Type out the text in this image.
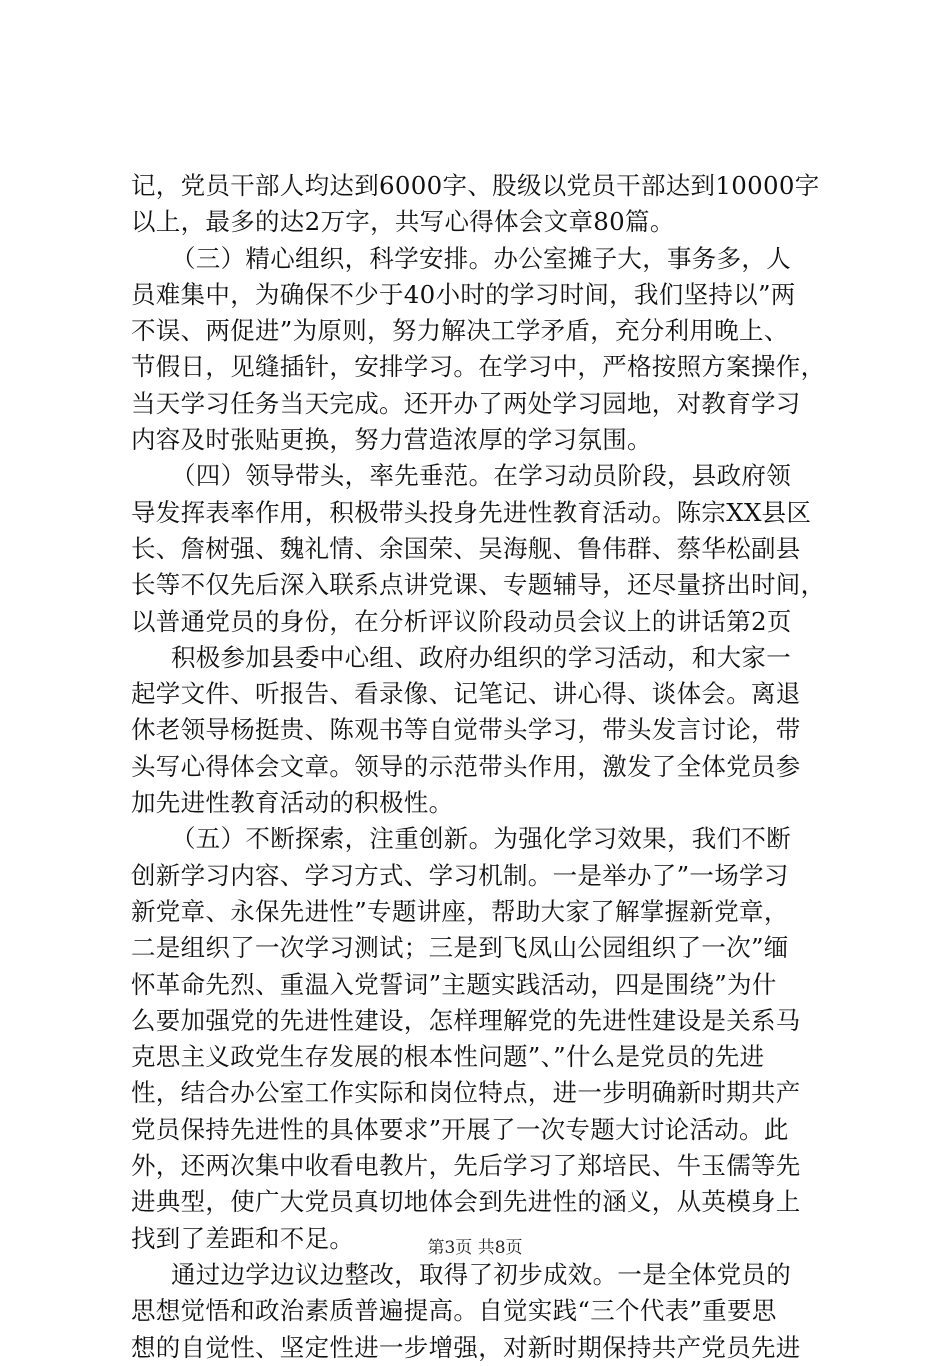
记，党员干部人均达到6000字、股级以党员干部达到10000字
以上，最多的达2万字，共写心得体会文章80篇。
（三）精心组织，科学安排。办公室摊子大，事务多，人
员难集中，为确保不少于40小时的学习时间，我们坚持以”两
不误、两促进”为原则，努力解决工学矛盾，充分利用晚上、
节假日，见缝插针，安排学习。在学习中，严格按照方案操作，
当天学习任务当天完成。还开办了两处学习园地，对教育学习
内容及时张贴更换，努力营造浓厚的学习氛围。
（四）领导带头，率先垂范。在学习动员阶段，县政府领
导发挥表率作用，积极带头投身先进性教育活动。陈宗XX县区
长、詹树强、魏礼情、余国荣、吴海舰、鲁伟群、蔡华松副县
长等不仅先后深入联系点讲党课、专题辅导，还尽量挤出时间，
以普通党员的身份，在分析评议阶段动员会议上的讲话第2页
积极参加县委中心组、政府办组织的学习活动，和大家一
起学文件、听报告、看录像、记笔记、讲心得、谈体会。离退
休老领导杨挺贵、陈观书等自觉带头学习，带头发言讨论，带
头写心得体会文章。领导的示范带头作用，激发了全体党员参
加先进性教育活动的积极性。
（五）不断探索，注重创新。为强化学习效果，我们不断
创新学习内容、学习方式、学习机制。一是举办了”一场学习
新党章、永保先进性”专题讲座，帮助大家了解掌握新党章，
二是组织了一次学习测试；三是到飞凤山公园组织了一次”缅
怀革命先烈、重温入党誓词”主题实践活动，四是围绕”为什
么要加强党的先进性建设，怎样理解党的先进性建设是关系马
克思主义政党生存发展的根本性问题”、”什么是党员的先进
性，结合办公室工作实际和岗位特点，进一步明确新时期共产
党员保持先进性的具体要求”开展了一次专题大讨论活动。此
外，还两次集中收看电教片，先后学习了郑培民、牛玉儒等先
进典型，使广大党员真切地体会到先进性的涵义，从英模身上
找到了差距和不足。
通过边学边议边整改，取得了初步成效。一是全体党员的
思想觉悟和政治素质普遍提高。自觉实践“三个代表”重要思
想的自觉性、坚定性进一步增强，对新时期保持共产党员先进
第3页 共8页
